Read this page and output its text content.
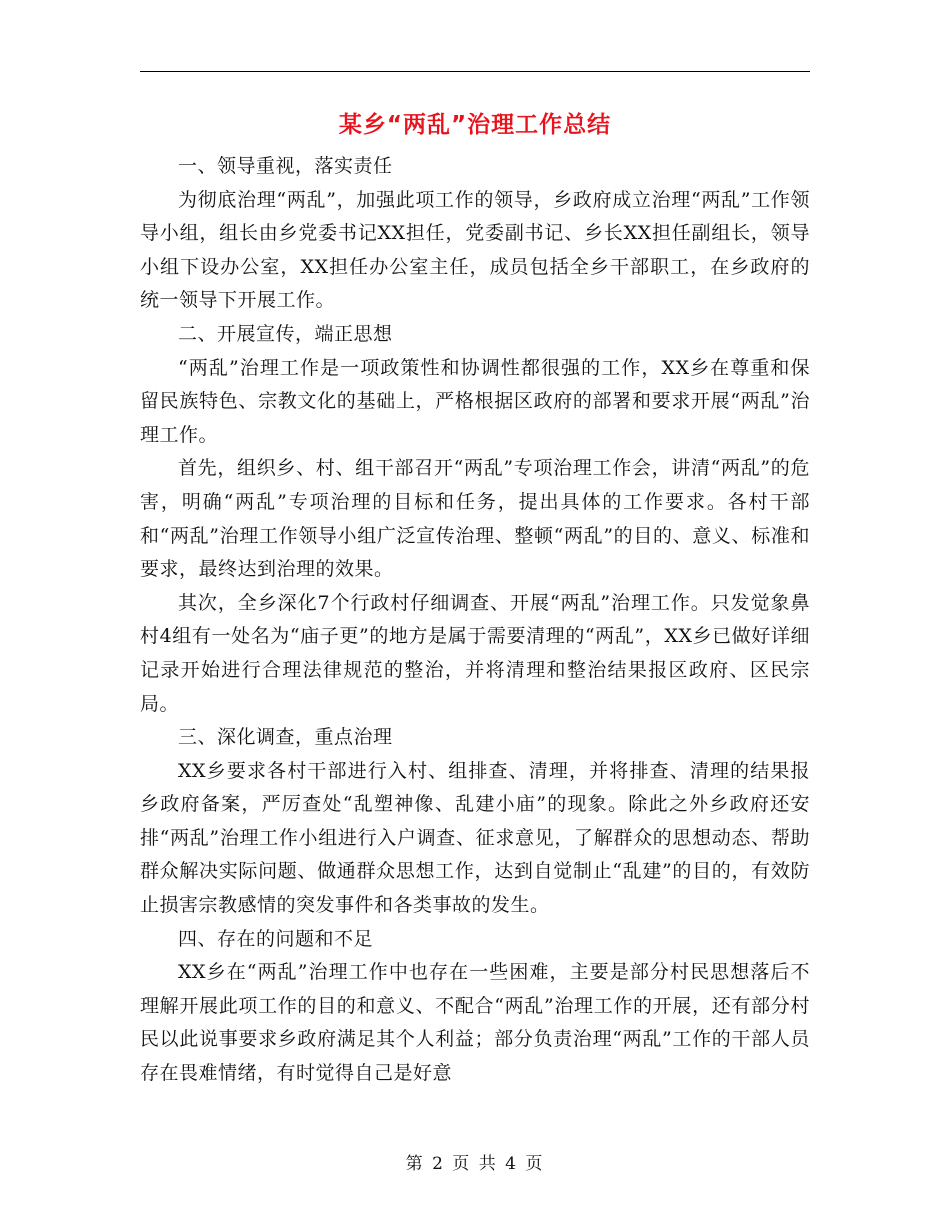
某乡“两乱”治理工作总结

一、领导重视，落实责任

为彻底治理“两乱”，加强此项工作的领导，乡政府成立治理“两乱”工作领导小组，组长由乡党委书记XX担任，党委副书记、乡长XX担任副组长，领导小组下设办公室，XX担任办公室主任，成员包括全乡干部职工，在乡政府的统一领导下开展工作。

二、开展宣传，端正思想

“两乱”治理工作是一项政策性和协调性都很强的工作，XX乡在尊重和保留民族特色、宗教文化的基础上，严格根据区政府的部署和要求开展“两乱”治理工作。

首先，组织乡、村、组干部召开“两乱”专项治理工作会，讲清“两乱”的危害，明确“两乱”专项治理的目标和任务，提出具体的工作要求。各村干部和“两乱”治理工作领导小组广泛宣传治理、整顿“两乱”的目的、意义、标准和要求，最终达到治理的效果。

其次，全乡深化7个行政村仔细调查、开展“两乱”治理工作。只发觉象鼻村4组有一处名为“庙子更”的地方是属于需要清理的“两乱”，XX乡已做好详细记录开始进行合理法律规范的整治，并将清理和整治结果报区政府、区民宗局。

三、深化调查，重点治理

XX乡要求各村干部进行入村、组排查、清理，并将排查、清理的结果报乡政府备案，严厉查处“乱塑神像、乱建小庙”的现象。除此之外乡政府还安排“两乱”治理工作小组进行入户调查、征求意见，了解群众的思想动态、帮助群众解决实际问题、做通群众思想工作，达到自觉制止“乱建”的目的，有效防止损害宗教感情的突发事件和各类事故的发生。

四、存在的问题和不足

XX乡在“两乱”治理工作中也存在一些困难，主要是部分村民思想落后不理解开展此项工作的目的和意义、不配合“两乱”治理工作的开展，还有部分村民以此说事要求乡政府满足其个人利益；部分负责治理“两乱”工作的干部人员存在畏难情绪，有时觉得自己是好意

第 2 页 共 4 页
